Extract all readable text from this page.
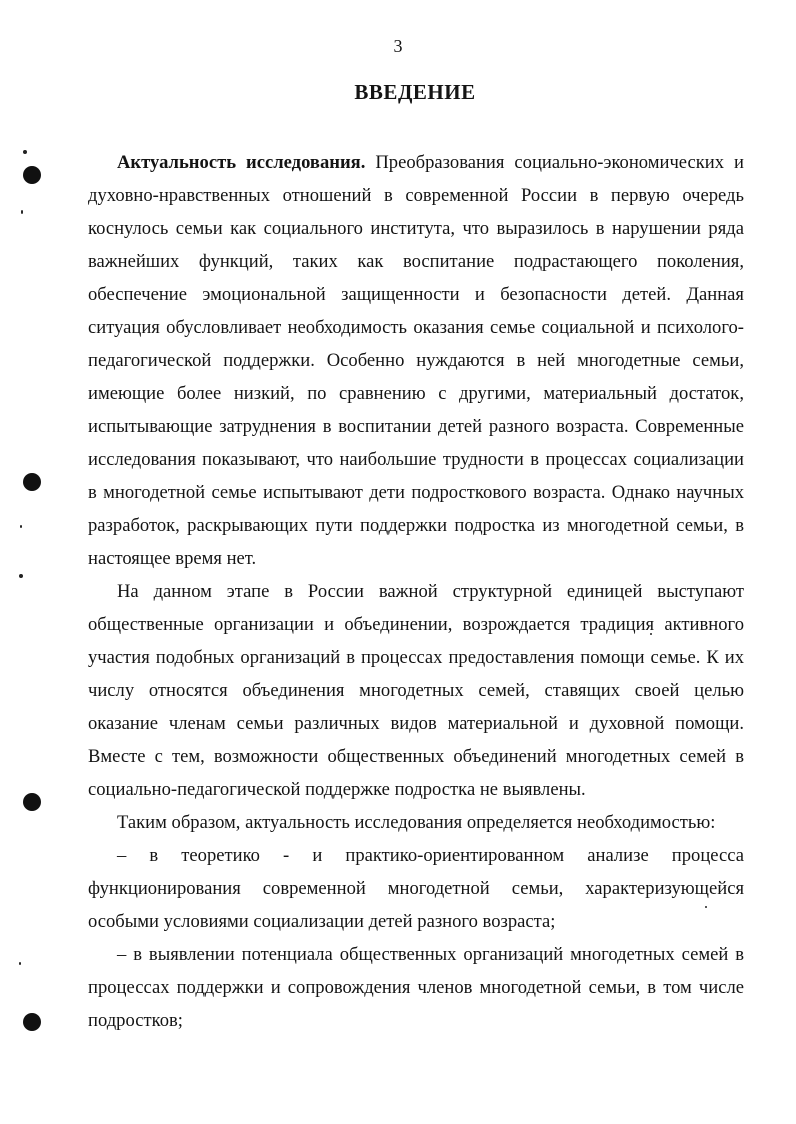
3
ВВЕДЕНИЕ

Актуальность исследования. Преобразования социально-экономических и духовно-нравственных отношений в современной России в первую очередь коснулось семьи как социального института, что выразилось в нарушении ряда важнейших функций, таких как воспитание подрастающего поколения, обеспечение эмоциональной защищенности и безопасности детей. Данная ситуация обусловливает необходимость оказания семье социальной и психолого-педагогической поддержки. Особенно нуждаются в ней многодетные семьи, имеющие более низкий, по сравнению с другими, материальный достаток, испытывающие затруднения в воспитании детей разного возраста. Современные исследования показывают, что наибольшие трудности в процессах социализации в многодетной семье испытывают дети подросткового возраста. Однако научных разработок, раскрывающих пути поддержки подростка из многодетной семьи, в настоящее время нет.

На данном этапе в России важной структурной единицей выступают общественные организации и объединении, возрождается традиция активного участия подобных организаций в процессах предоставления помощи семье. К их числу относятся объединения многодетных семей, ставящих своей целью оказание членам семьи различных видов материальной и духовной помощи. Вместе с тем, возможности общественных объединений многодетных семей в социально-педагогической поддержке подростка не выявлены.

Таким образом, актуальность исследования определяется необходимостью:

– в теоретико - и практико-ориентированном анализе процесса функционирования современной многодетной семьи, характеризующейся особыми условиями социализации детей разного возраста;

– в выявлении потенциала общественных организаций многодетных семей в процессах поддержки и сопровождения членов многодетной семьи, в том числе подростков;
